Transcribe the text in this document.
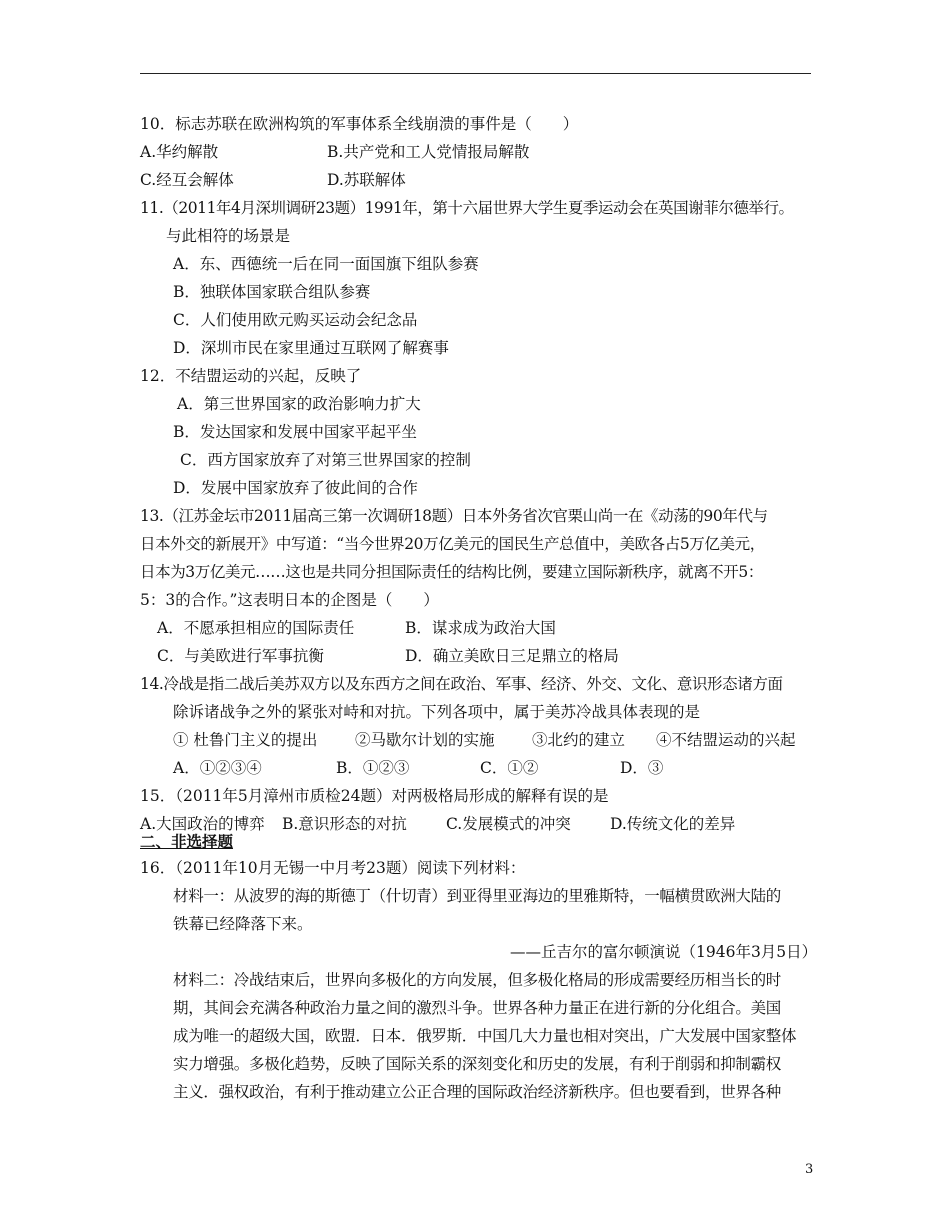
10．标志苏联在欧洲构筑的军事体系全线崩溃的事件是（　　）
A.华约解散	B.共产党和工人党情报局解散
C.经互会解体	D.苏联解体
11.（2011年4月深圳调研23题）1991年，第十六届世界大学生夏季运动会在英国谢菲尔德举行。
与此相符的场景是
A．东、西德统一后在同一面国旗下组队参赛
B．独联体国家联合组队参赛
C．人们使用欧元购买运动会纪念品
D．深圳市民在家里通过互联网了解赛事
12．不结盟运动的兴起，反映了
A．第三世界国家的政治影响力扩大
B．发达国家和发展中国家平起平坐
C．西方国家放弃了对第三世界国家的控制
D．发展中国家放弃了彼此间的合作
13.（江苏金坛市2011届高三第一次调研18题）日本外务省次官栗山尚一在《动荡的90年代与
日本外交的新展开》中写道：“当今世界20万亿美元的国民生产总值中，美欧各占5万亿美元，
日本为3万亿美元……这也是共同分担国际责任的结构比例，要建立国际新秩序，就离不开5：
5：3的合作。”这表明日本的企图是（　　）
A．不愿承担相应的国际责任	B．谋求成为政治大国
C．与美欧进行军事抗衡	D．确立美欧日三足鼎立的格局
14.冷战是指二战后美苏双方以及东西方之间在政治、军事、经济、外交、文化、意识形态诸方面
除诉诸战争之外的紧张对峙和对抗。下列各项中，属于美苏冷战具体表现的是
① 杜鲁门主义的提出 ②马歇尔计划的实施 ③北约的建立 ④不结盟运动的兴起
A．①②③④	B．①②③	C．①②	D．③
15．（2011年5月漳州市质检24题）对两极格局形成的解释有误的是
A.大国政治的博弈 B.意识形态的对抗	C.发展模式的冲突	D.传统文化的差异
二、非选择题
16．（2011年10月无锡一中月考23题）阅读下列材料：
材料一：从波罗的海的斯德丁（什切青）到亚得里亚海边的里雅斯特，一幅横贯欧洲大陆的
铁幕已经降落下来。
——丘吉尔的富尔顿演说（1946年3月5日）
材料二：冷战结束后，世界向多极化的方向发展，但多极化格局的形成需要经历相当长的时
期，其间会充满各种政治力量之间的激烈斗争。世界各种力量正在进行新的分化组合。美国
成为唯一的超级大国，欧盟．日本．俄罗斯．中国几大力量也相对突出，广大发展中国家整体
实力增强。多极化趋势，反映了国际关系的深刻变化和历史的发展，有利于削弱和抑制霸权
主义．强权政治，有利于推动建立公正合理的国际政治经济新秩序。但也要看到，世界各种
3
